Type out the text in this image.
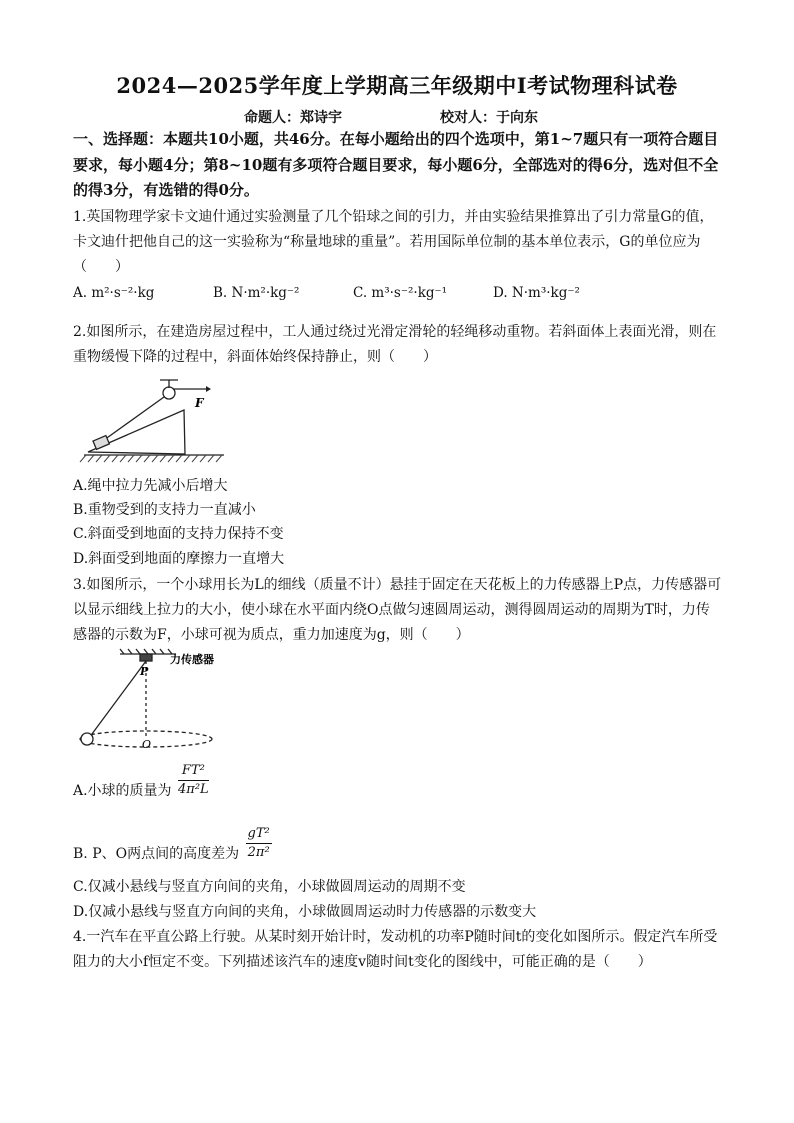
2024—2025学年度上学期高三年级期中Ⅰ考试物理科试卷
命题人：郑诗宇	校对人：于向东
一、选择题：本题共10小题，共46分。在每小题给出的四个选项中，第1~7题只有一项符合题目要求，每小题4分；第8~10题有多项符合题目要求，每小题6分，全部选对的得6分，选对但不全的得3分，有选错的得0分。
1.英国物理学家卡文迪什通过实验测量了几个铅球之间的引力，并由实验结果推算出了引力常量G的值，卡文迪什把他自己的这一实验称为“称量地球的重量”。若用国际单位制的基本单位表示，G的单位应为（　　）
A. m²·s⁻²·kg	B. N·m²·kg⁻²	C. m³·s⁻²·kg⁻¹	D. N·m³·kg⁻²
2.如图所示，在建造房屋过程中，工人通过绕过光滑定滑轮的轻绳移动重物。若斜面体上表面光滑，则在重物缓慢下降的过程中，斜面体始终保持静止，则（　　）
F
A.绳中拉力先减小后增大
B.重物受到的支持力一直减小
C.斜面受到地面的支持力保持不变
D.斜面受到地面的摩擦力一直增大
3.如图所示，一个小球用长为L的细线（质量不计）悬挂于固定在天花板上的力传感器上P点，力传感器可以显示细线上拉力的大小，使小球在水平面内绕O点做匀速圆周运动，测得圆周运动的周期为T时，力传感器的示数为F，小球可视为质点，重力加速度为g，则（　　）
力传感器
P
O
A.小球的质量为 $\frac{\text{FT²}}{\text{4π²L}}$
B. P、O两点间的高度差为 $\frac{\text{gT²}}{\text{2π²}}$
C.仅减小悬线与竖直方向间的夹角，小球做圆周运动的周期不变
D.仅减小悬线与竖直方向间的夹角，小球做圆周运动时力传感器的示数变大
4.一汽车在平直公路上行驶。从某时刻开始计时，发动机的功率P随时间t的变化如图所示。假定汽车所受阻力的大小f恒定不变。下列描述该汽车的速度v随时间t变化的图线中，可能正确的是（　　）
